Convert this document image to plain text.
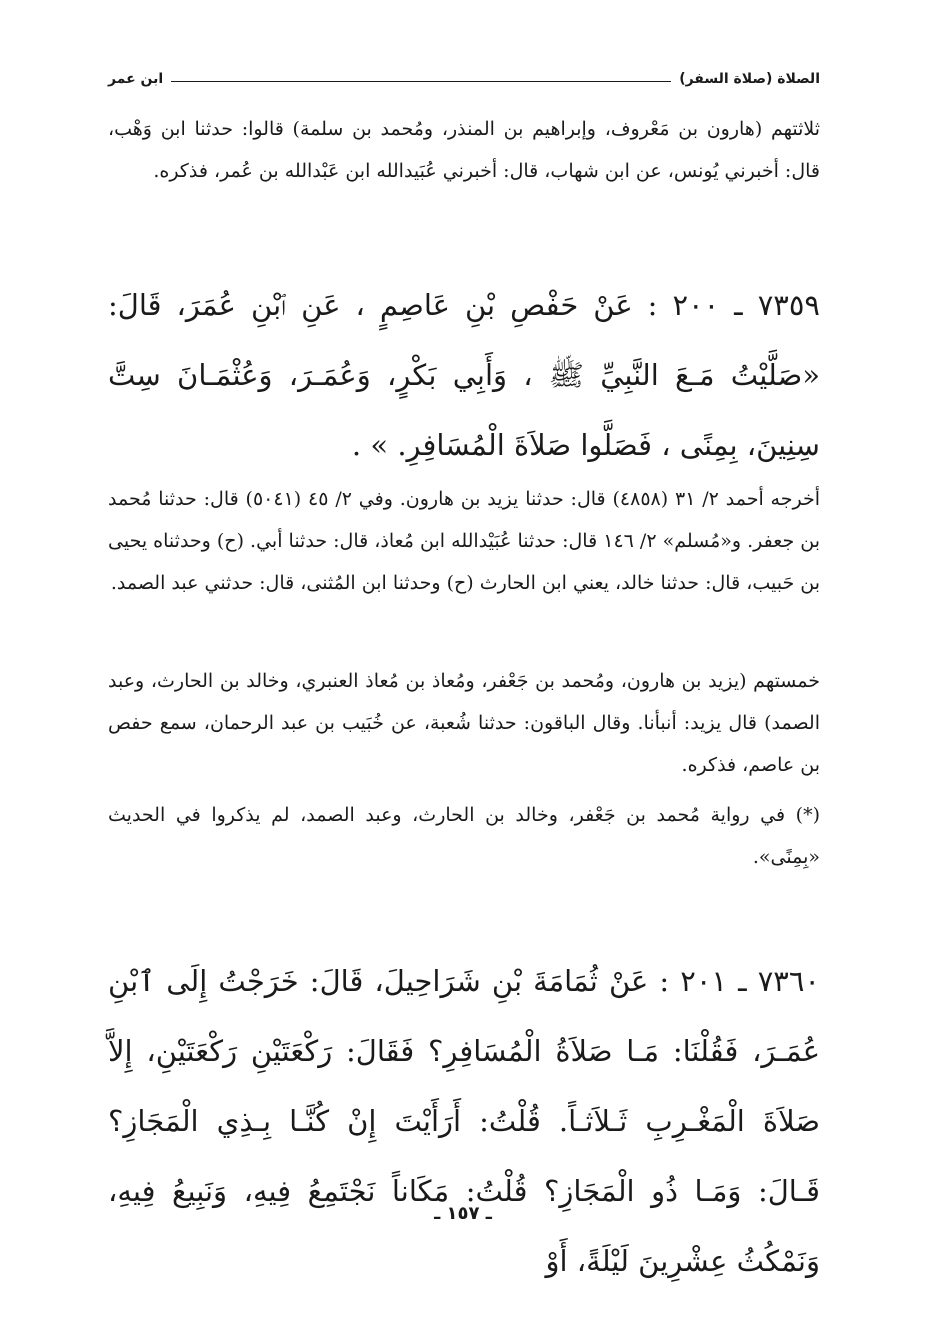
الصلاة (صلاة السفر)
ابن عمر

ثلاثتهم (هارون بن مَعْروف، وإبراهيم بن المنذر، ومُحمد بن سلمة) قالوا: حدثنا ابن وَهْب، قال: أخبرني يُونس، عن ابن شهاب، قال: أخبرني عُبَيدالله ابن عَبْدالله بن عُمر، فذكره.

٧٣٥٩ ـ ٢٠٠ : عَنْ حَفْصِ بْنِ عَاصِمٍ ، عَنِ ٱبْنِ عُمَرَ، قَالَ: «صَلَّيْتُ مَـعَ النَّبِيِّ ﷺ ، وَأَبِي بَكْرٍ، وَعُمَـرَ، وَعُثْمَـانَ سِتَّ سِنِينَ، بِمِنًى ، فَصَلَّوا صَلاَةَ الْمُسَافِرِ. » .

أخرجه أحمد ٢/ ٣١ (٤٨٥٨) قال: حدثنا يزيد بن هارون. وفي ٢/ ٤٥ (٥٠٤١) قال: حدثنا مُحمد بن جعفر. و«مُسلم» ٢/ ١٤٦ قال: حدثنا عُبَيْدالله ابن مُعاذ، قال: حدثنا أبي. (ح) وحدثناه يحيى بن حَبيب، قال: حدثنا خالد، يعني ابن الحارث (ح) وحدثنا ابن المُثنى، قال: حدثني عبد الصمد.

خمستهم (يزيد بن هارون، ومُحمد بن جَعْفر، ومُعاذ بن مُعاذ العنبري، وخالد بن الحارث، وعبد الصمد) قال يزيد: أنبأنا. وقال الباقون: حدثنا شُعبة، عن خُبَيب بن عبد الرحمان، سمع حفص بن عاصم، فذكره.

(*) في رواية مُحمد بن جَعْفر، وخالد بن الحارث، وعبد الصمد، لم يذكروا في الحديث «بِمِنًى».

٧٣٦٠ ـ ٢٠١ : عَنْ ثُمَامَةَ بْنِ شَرَاحِيلَ، قَالَ: خَرَجْتُ إِلَى ٱبْنِ عُمَـرَ، فَقُلْنَا: مَـا صَلاَةُ الْمُسَافِرِ؟ فَقَالَ: رَكْعَتَيْنِ رَكْعَتَيْنِ، إِلاَّ صَلاَةَ الْمَغْـرِبِ ثَـلاَثـاً. قُلْتُ: أَرَأَيْتَ إِنْ كُنَّـا بِـذِي الْمَجَازِ؟ قَـالَ: وَمَـا ذُو الْمَجَازِ؟ قُلْتُ: مَكَاناً نَجْتَمِعُ فِيهِ، وَنَبِيعُ فِيهِ، وَنَمْكُثُ عِشْرِينَ لَيْلَةً، أَوْ

ـ ١٥٧ ـ
